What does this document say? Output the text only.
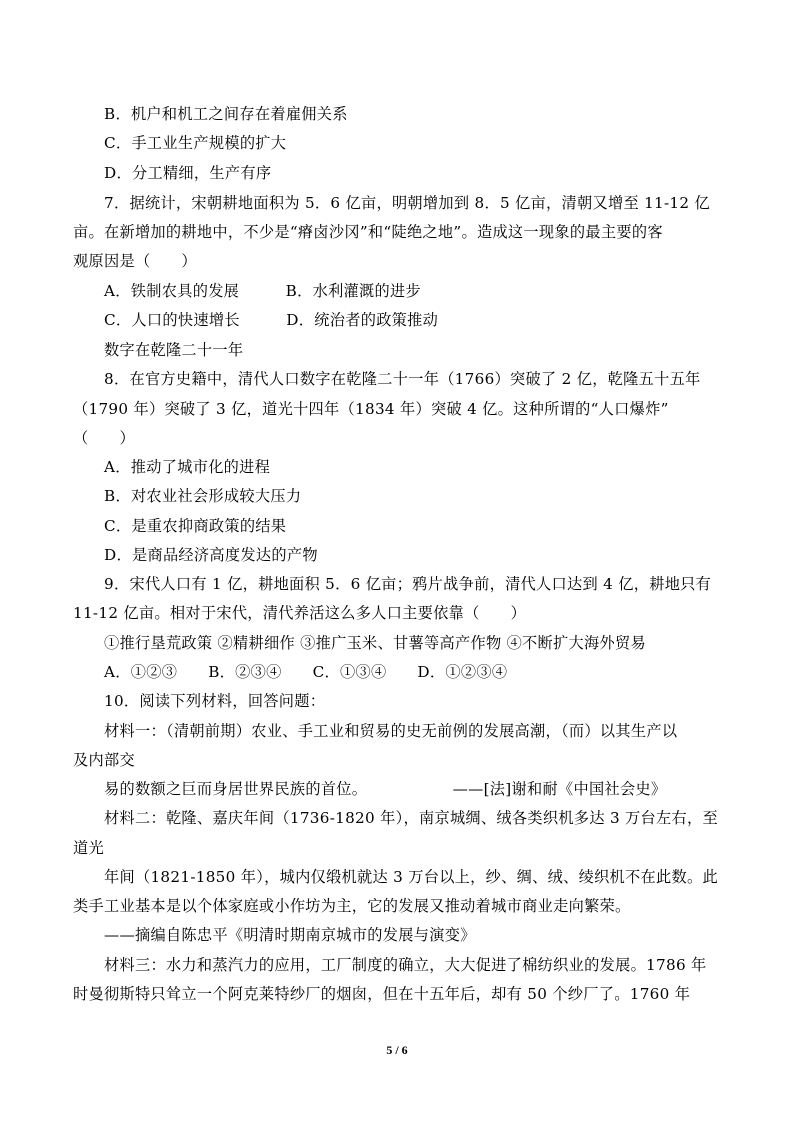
B．机户和机工之间存在着雇佣关系
C．手工业生产规模的扩大
D．分工精细，生产有序
7．据统计，宋朝耕地面积为 5．6 亿亩，明朝增加到 8．5 亿亩，清朝又增至 11-12 亿
亩。在新增加的耕地中，不少是“瘠卤沙冈”和“陡绝之地”。造成这一现象的最主要的客
观原因是（　　）
A．铁制农具的发展　　　B．水利灌溉的进步
C．人口的快速增长　　　D．统治者的政策推动
数字在乾隆二十一年
8．在官方史籍中，清代人口数字在乾隆二十一年（1766）突破了 2 亿，乾隆五十五年
（1790 年）突破了 3 亿，道光十四年（1834 年）突破 4 亿。这种所谓的“人口爆炸”
（　　）
A．推动了城市化的进程
B．对农业社会形成较大压力
C．是重农抑商政策的结果
D．是商品经济高度发达的产物
9．宋代人口有 1 亿，耕地面积 5．6 亿亩；鸦片战争前，清代人口达到 4 亿，耕地只有
11-12 亿亩。相对于宋代，清代养活这么多人口主要依靠（　　）
①推行垦荒政策 ②精耕细作 ③推广玉米、甘薯等高产作物 ④不断扩大海外贸易
A．①②③　　B．②③④　　C．①③④　　D．①②③④
10．阅读下列材料，回答问题：
材料一：（清朝前期）农业、手工业和贸易的史无前例的发展高潮，（而）以其生产以
及内部交
易的数额之巨而身居世界民族的首位。　　　　　　——[法]谢和耐《中国社会史》
材料二：乾隆、嘉庆年间（1736-1820 年），南京城绸、绒各类织机多达 3 万台左右，至
道光
年间（1821-1850 年），城内仅缎机就达 3 万台以上，纱、绸、绒、绫织机不在此数。此
类手工业基本是以个体家庭或小作坊为主，它的发展又推动着城市商业走向繁荣。
——摘编自陈忠平《明清时期南京城市的发展与演变》
材料三：水力和蒸汽力的应用，工厂制度的确立，大大促进了棉纺织业的发展。1786 年
时曼彻斯特只耸立一个阿克莱特纱厂的烟囱，但在十五年后，却有 50 个纱厂了。1760 年
5 / 6
